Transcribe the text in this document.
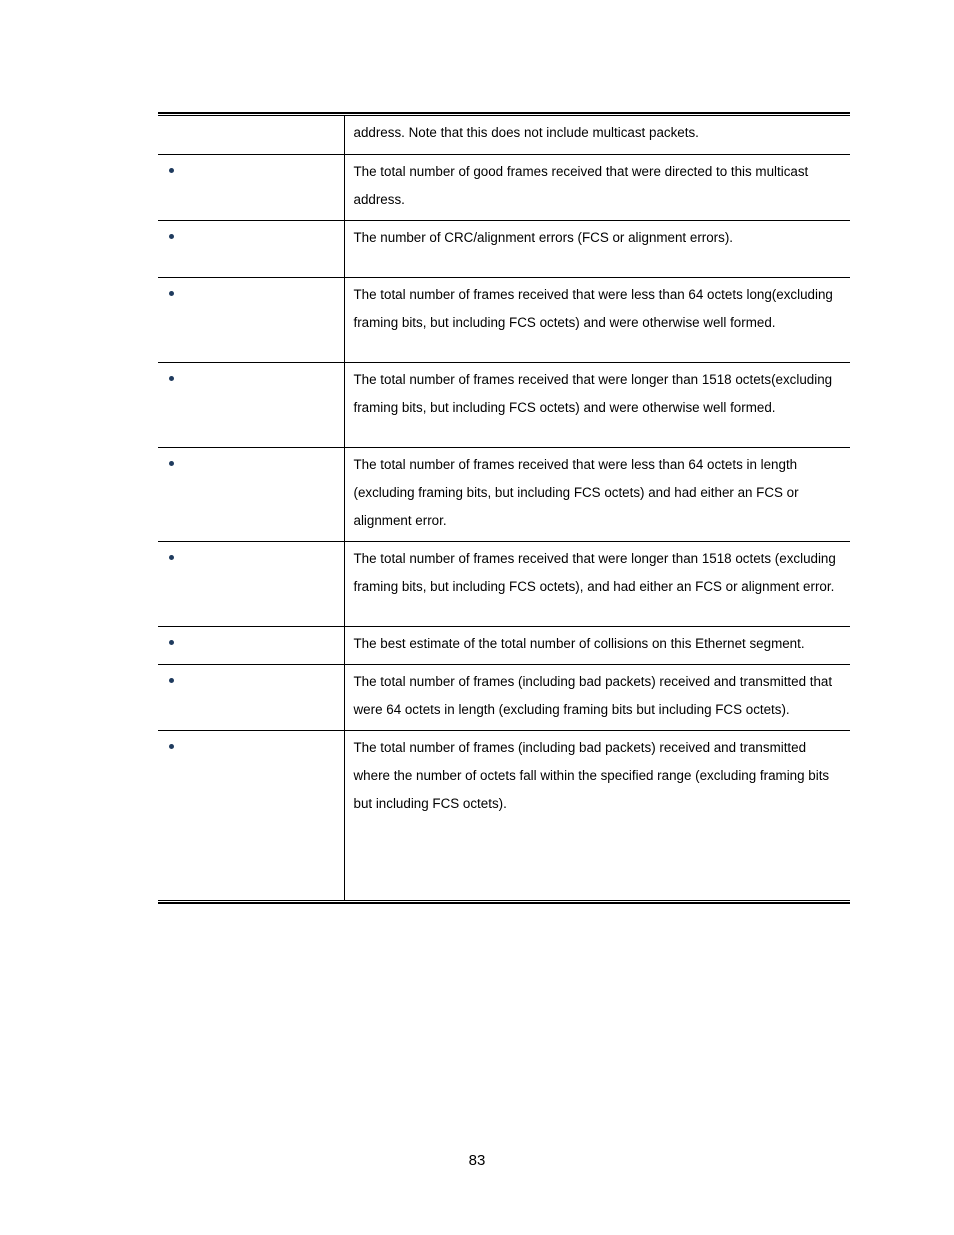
	address. Note that this does not include multicast packets.

	The total number of good frames received that were directed to this multicast address.

	The number of CRC/alignment errors (FCS or alignment errors).

	The total number of frames received that were less than 64 octets long(excluding framing bits, but including FCS octets) and were otherwise well formed.

	The total number of frames received that were longer than 1518 octets(excluding framing bits, but including FCS octets) and were otherwise well formed.

	The total number of frames received that were less than 64 octets in length (excluding framing bits, but including FCS octets) and had either an FCS or alignment error.

	The total number of frames received that were longer than 1518 octets (excluding framing bits, but including FCS octets), and had either an FCS or alignment error.

	The best estimate of the total number of collisions on this Ethernet segment.

	The total number of frames (including bad packets) received and transmitted that were 64 octets in length (excluding framing bits but including FCS octets).

	The total number of frames (including bad packets) received and transmitted where the number of octets fall within the specified range (excluding framing bits but including FCS octets).
83
